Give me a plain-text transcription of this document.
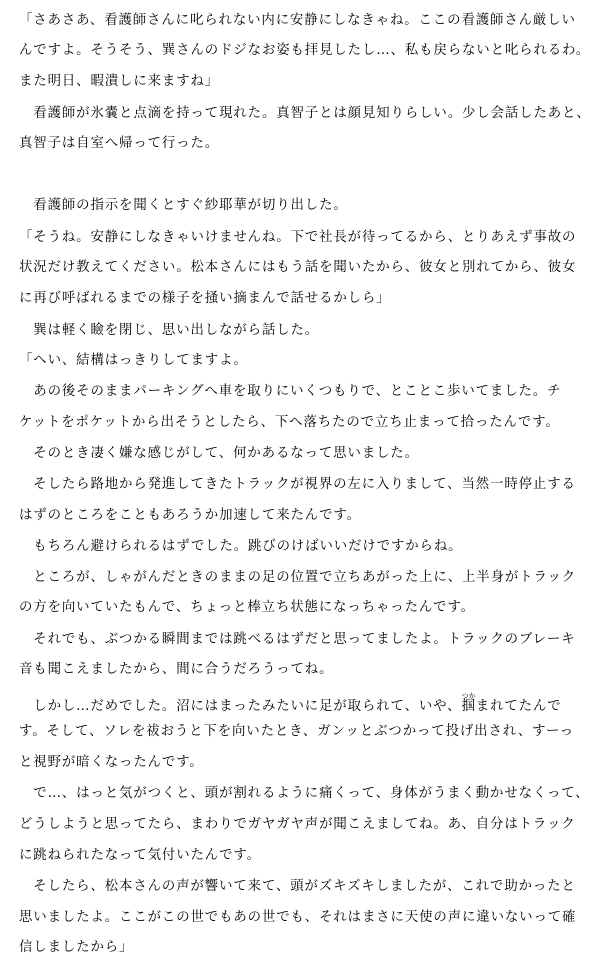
「さあさあ、看護師さんに叱られない内に安静にしなきゃね。ここの看護師さん厳しい
んですよ。そうそう、巽さんのドジなお姿も拝見したし…、私も戻らないと叱られるわ。
また明日、暇潰しに来ますね」
　看護師が氷嚢と点滴を持って現れた。真智子とは顔見知りらしい。少し会話したあと、
真智子は自室へ帰って行った。
　看護師の指示を聞くとすぐ紗耶華が切り出した。
「そうね。安静にしなきゃいけませんね。下で社長が待ってるから、とりあえず事故の
状況だけ教えてください。松本さんにはもう話を聞いたから、彼女と別れてから、彼女
に再び呼ばれるまでの様子を掻い摘まんで話せるかしら」
　巽は軽く瞼を閉じ、思い出しながら話した。
「へい、結構はっきりしてますよ。
　あの後そのままパーキングへ車を取りにいくつもりで、とことこ歩いてました。チ
ケットをポケットから出そうとしたら、下へ落ちたので立ち止まって拾ったんです。
　そのとき凄く嫌な感じがして、何かあるなって思いました。
　そしたら路地から発進してきたトラックが視界の左に入りまして、当然一時停止する
はずのところをこともあろうか加速して来たんです。
　もちろん避けられるはずでした。跳びのけばいいだけですからね。
　ところが、しゃがんだときのままの足の位置で立ちあがった上に、上半身がトラック
の方を向いていたもんで、ちょっと棒立ち状態になっちゃったんです。
　それでも、ぶつかる瞬間までは跳べるはずだと思ってましたよ。トラックのブレーキ
音も聞こえましたから、間に合うだろうってね。
　しかし…だめでした。沼にはまったみたいに足が取られて、いや、掴つかまれてたんで
す。そして、ソレを祓おうと下を向いたとき、ガンッとぶつかって投げ出され、すーっ
と視野が暗くなったんです。
　で…、はっと気がつくと、頭が割れるように痛くって、身体がうまく動かせなくって、
どうしようと思ってたら、まわりでガヤガヤ声が聞こえましてね。あ、自分はトラック
に跳ねられたなって気付いたんです。
　そしたら、松本さんの声が響いて来て、頭がズキズキしましたが、これで助かったと
思いましたよ。ここがこの世でもあの世でも、それはまさに天使の声に違いないって確
信しましたから」
